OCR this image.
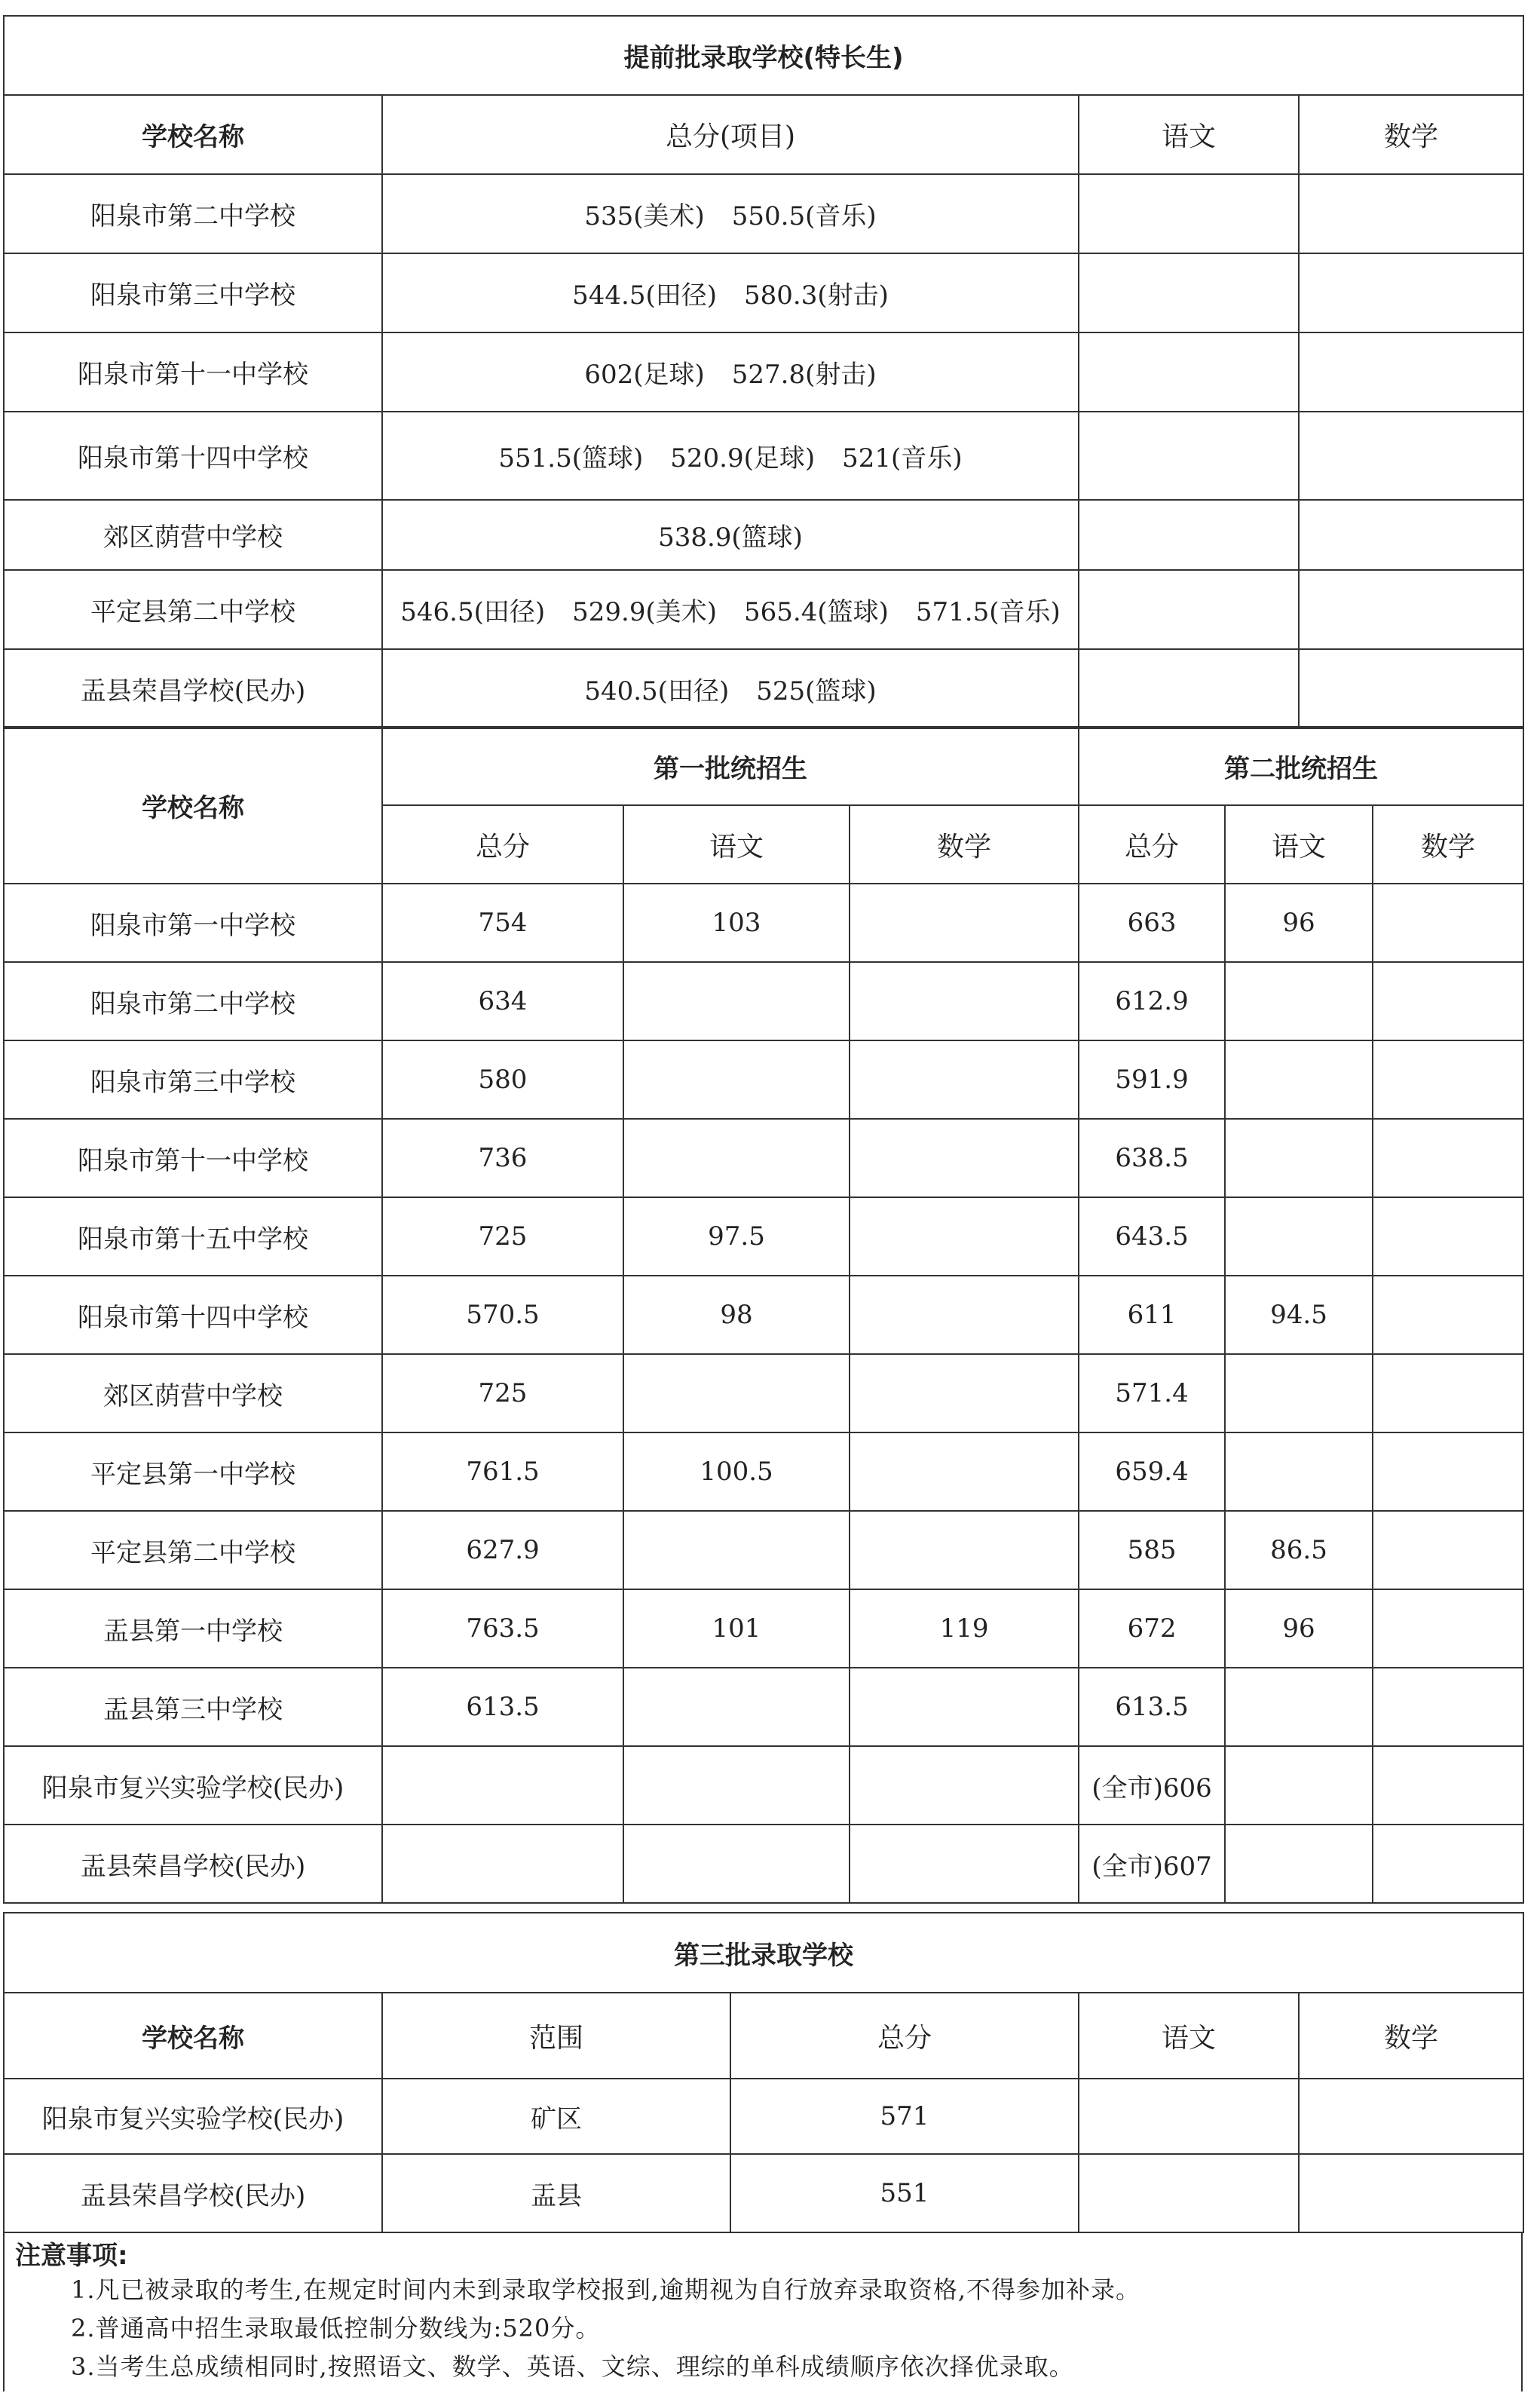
提前批录取学校(特长生)			
学校名称	总分(项目)	语文	数学
阳泉市第二中学校	535(美术) 550.5(音乐)		
阳泉市第三中学校	544.5(田径) 580.3(射击)		
阳泉市第十一中学校	602(足球) 527.8(射击)		
阳泉市第十四中学校	551.5(篮球) 520.9(足球) 521(音乐)		
郊区荫营中学校	538.9(篮球)		
平定县第二中学校	546.5(田径) 529.9(美术) 565.4(篮球) 571.5(音乐)		
盂县荣昌学校(民办)	540.5(田径) 525(篮球)		
学校名称	第一批统招生			第二批统招生		
	总分	语文	数学	总分	语文	数学
阳泉市第一中学校	754	103		663	96	
阳泉市第二中学校	634			612.9		
阳泉市第三中学校	580			591.9		
阳泉市第十一中学校	736			638.5		
阳泉市第十五中学校	725	97.5		643.5		
阳泉市第十四中学校	570.5	98		611	94.5	
郊区荫营中学校	725			571.4		
平定县第一中学校	761.5	100.5		659.4		
平定县第二中学校	627.9			585	86.5	
盂县第一中学校	763.5	101	119	672	96	
盂县第三中学校	613.5			613.5		
阳泉市复兴实验学校(民办)				(全市)606		
盂县荣昌学校(民办)				(全市)607		
第三批录取学校				
学校名称	范围	总分	语文	数学
阳泉市复兴实验学校(民办)	矿区	571		
盂县荣昌学校(民办)	盂县	551		
注意事项:
1.凡已被录取的考生,在规定时间内未到录取学校报到,逾期视为自行放弃录取资格,不得参加补录。
2.普通高中招生录取最低控制分数线为:520分。
3.当考生总成绩相同时,按照语文、数学、英语、文综、理综的单科成绩顺序依次择优录取。
